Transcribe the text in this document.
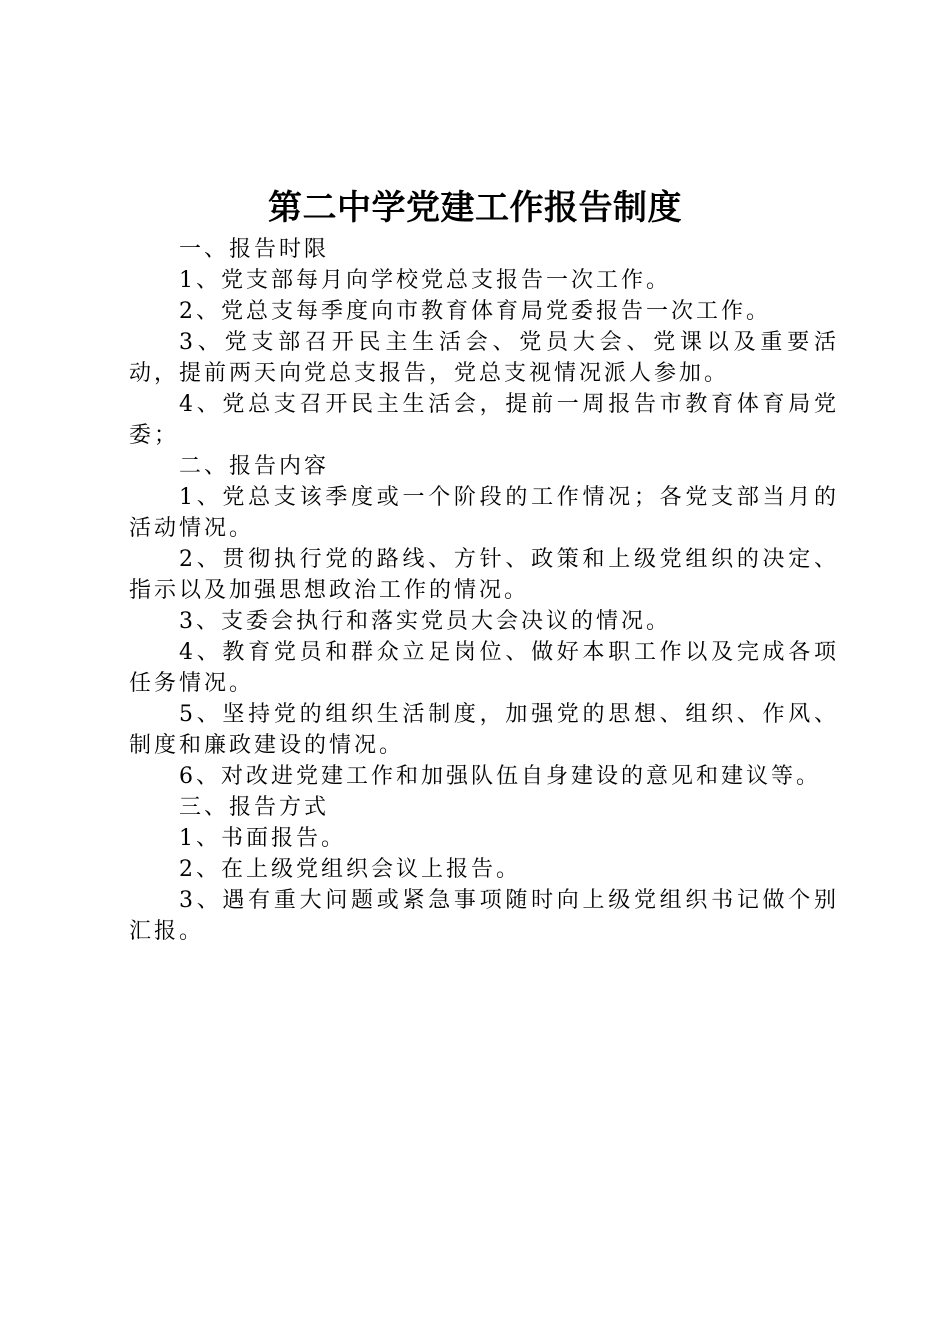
第二中学党建工作报告制度

一、报告时限

1、党支部每月向学校党总支报告一次工作。

2、党总支每季度向市教育体育局党委报告一次工作。

3、党支部召开民主生活会、党员大会、党课以及重要活动，提前两天向党总支报告，党总支视情况派人参加。

4、党总支召开民主生活会，提前一周报告市教育体育局党委；

二、报告内容

1、党总支该季度或一个阶段的工作情况；各党支部当月的活动情况。

2、贯彻执行党的路线、方针、政策和上级党组织的决定、指示以及加强思想政治工作的情况。

3、支委会执行和落实党员大会决议的情况。

4、教育党员和群众立足岗位、做好本职工作以及完成各项任务情况。

5、坚持党的组织生活制度，加强党的思想、组织、作风、制度和廉政建设的情况。

6、对改进党建工作和加强队伍自身建设的意见和建议等。

三、报告方式

1、书面报告。

2、在上级党组织会议上报告。

3、遇有重大问题或紧急事项随时向上级党组织书记做个别汇报。
